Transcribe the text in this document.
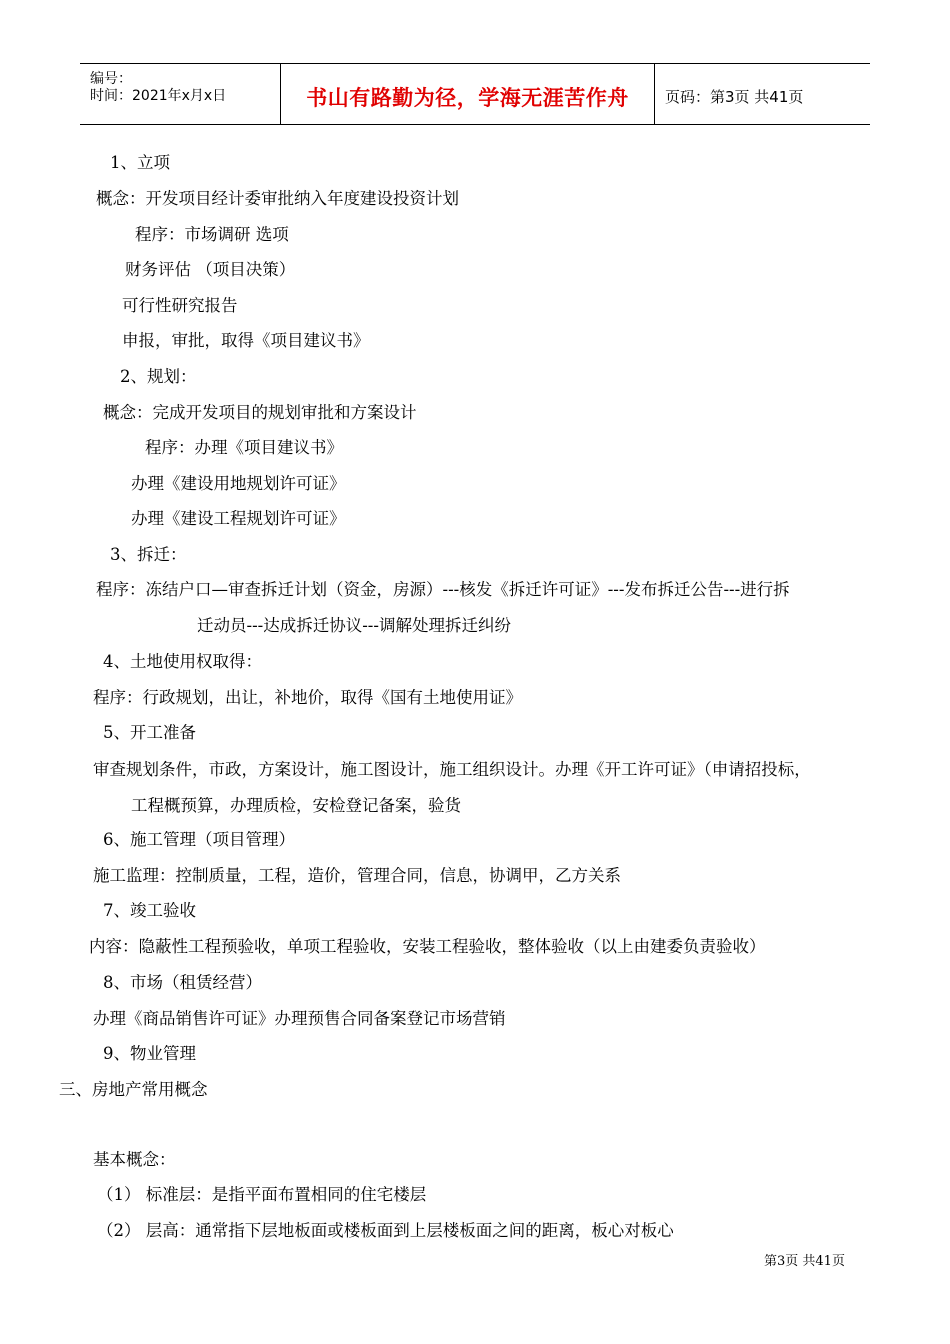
编号：
时间：2021年x月x日	书山有路勤为径，学海无涯苦作舟	页码：第3页 共41页
1、立项
概念：开发项目经计委审批纳入年度建设投资计划
程序：市场调研 选项
财务评估 （项目决策）
可行性研究报告
申报，审批，取得《项目建议书》
2、规划：
概念：完成开发项目的规划审批和方案设计
程序：办理《项目建议书》
办理《建设用地规划许可证》
办理《建设工程规划许可证》
3、拆迁：
程序：冻结户口—审查拆迁计划（资金，房源）---核发《拆迁许可证》---发布拆迁公告---进行拆
迁动员---达成拆迁协议---调解处理拆迁纠纷
4、土地使用权取得：
程序：行政规划，出让，补地价，取得《国有土地使用证》
5、开工准备
审查规划条件，市政，方案设计，施工图设计，施工组织设计。办理《开工许可证》（申请招投标，
工程概预算，办理质检，安检登记备案，验货
6、施工管理（项目管理）
施工监理：控制质量，工程，造价，管理合同，信息，协调甲，乙方关系
7、竣工验收
内容：隐蔽性工程预验收，单项工程验收，安装工程验收，整体验收（以上由建委负责验收）
8、市场（租赁经营）
办理《商品销售许可证》办理预售合同备案登记市场营销
9、物业管理
三、房地产常用概念
基本概念：
（1） 标准层：是指平面布置相同的住宅楼层
（2） 层高：通常指下层地板面或楼板面到上层楼板面之间的距离，板心对板心
第3页 共41页
